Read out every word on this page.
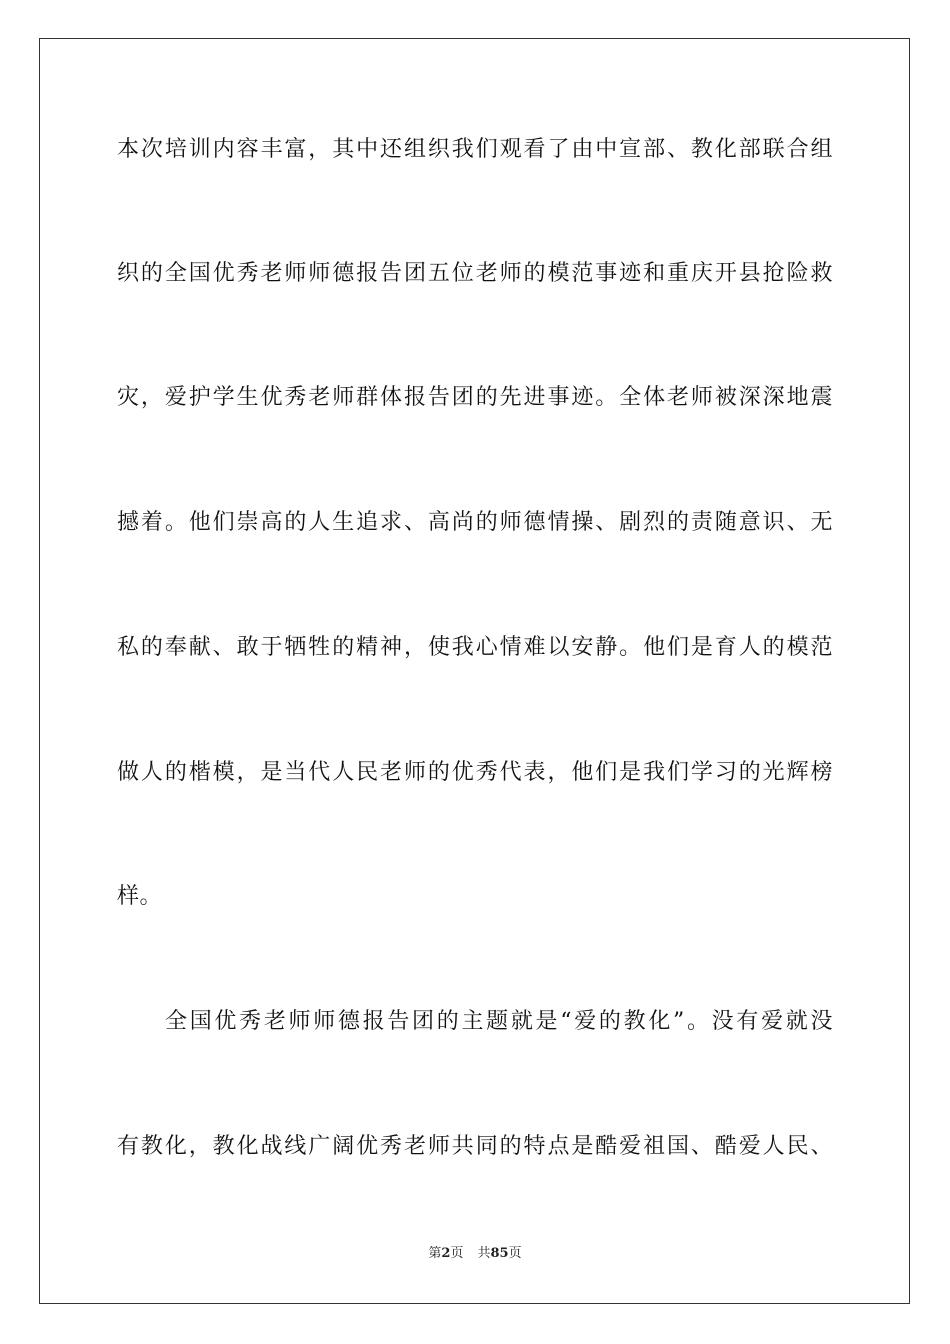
本次培训内容丰富，其中还组织我们观看了由中宣部、教化部联合组
织的全国优秀老师师德报告团五位老师的模范事迹和重庆开县抢险救
灾，爱护学生优秀老师群体报告团的先进事迹。全体老师被深深地震
撼着。他们崇高的人生追求、高尚的师德情操、剧烈的责随意识、无
私的奉献、敢于牺牲的精神，使我心情难以安静。他们是育人的模范
做人的楷模，是当代人民老师的优秀代表，他们是我们学习的光辉榜
样。
全国优秀老师师德报告团的主题就是“爱的教化”。没有爱就没
有教化，教化战线广阔优秀老师共同的特点是酷爱祖国、酷爱人民、
第2页 共85页
